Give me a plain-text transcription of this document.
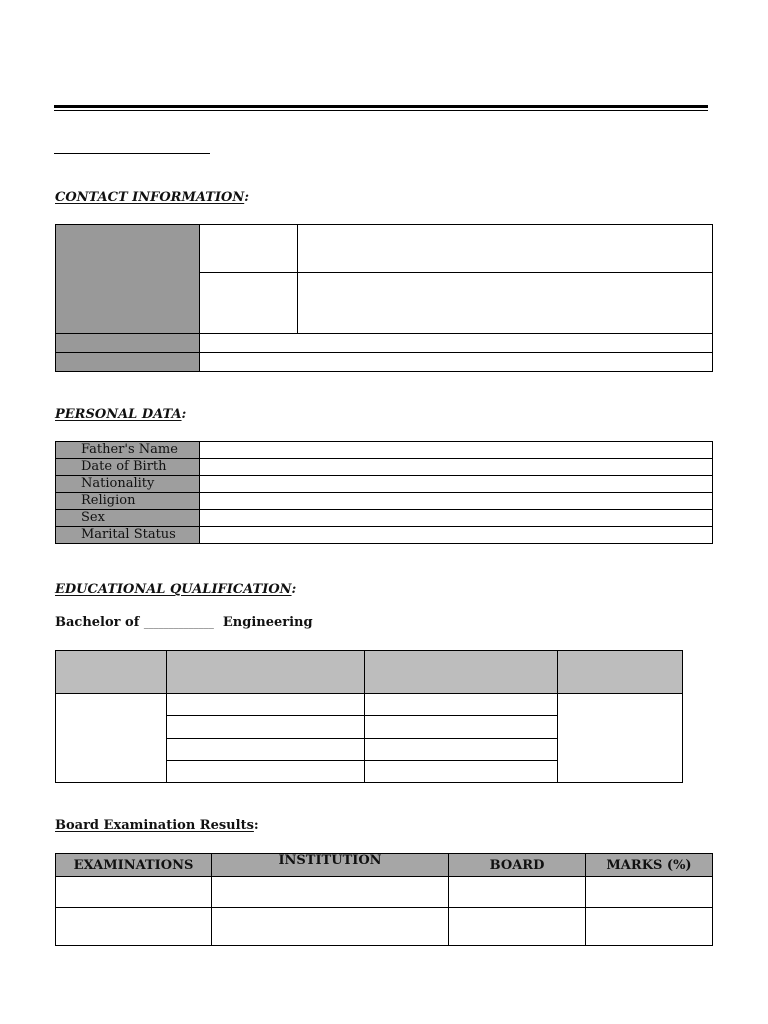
CONTACT INFORMATION:

PERSONAL DATA:
Father's Name	
Date of Birth	
Nationality	
Religion	
Sex	
Marital Status	
EDUCATIONAL QUALIFICATION:
Bachelor of ______________ Engineering

Board Examination Results:
EXAMINATIONS	INSTITUTION	BOARD	MARKS (%)
